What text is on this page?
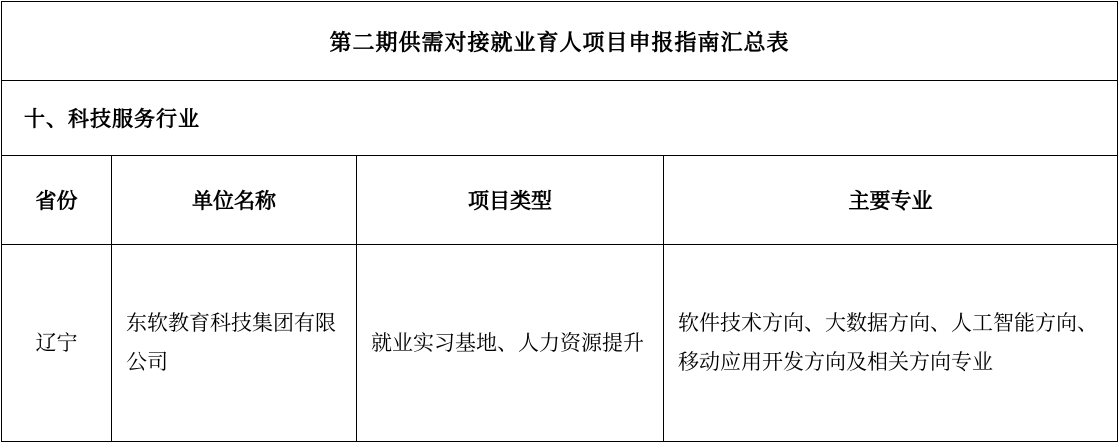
第二期供需对接就业育人项目申报指南汇总表			
十、科技服务行业			
省份	单位名称	项目类型	主要专业
辽宁	东软教育科技集团有限公司	就业实习基地、人力资源提升	软件技术方向、大数据方向、人工智能方向、移动应用开发方向及相关方向专业
